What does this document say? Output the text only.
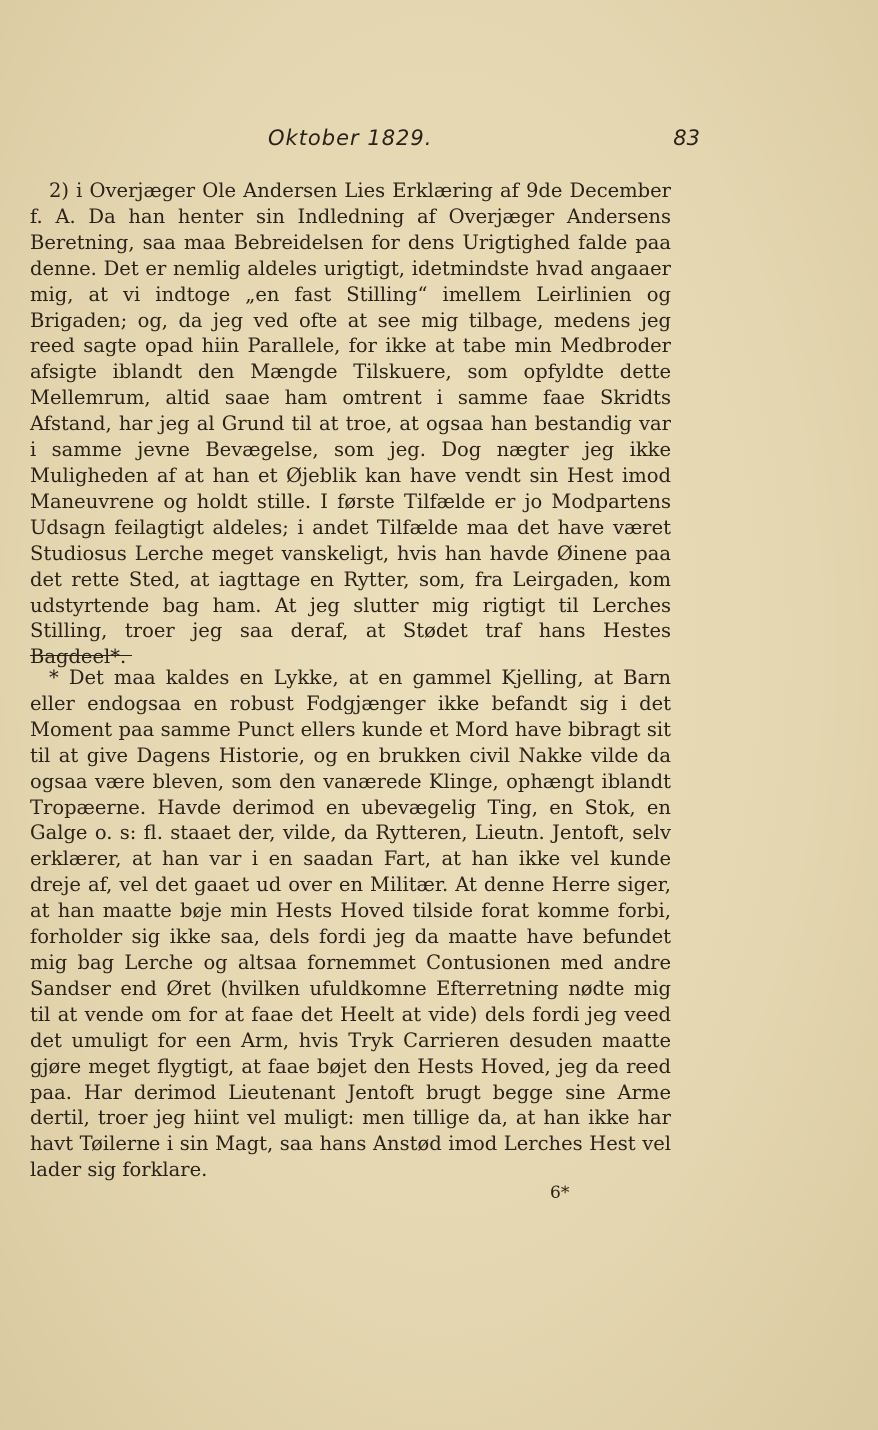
Oktober 1829.	83

2) i Overjæger Ole Andersen Lies Erklæring af 9de December f. A. Da han henter sin Indledning af Overjæger Andersens Beretning, saa maa Bebreidelsen for dens Urigtighed falde paa denne. Det er nemlig aldeles urigtigt, idetmindste hvad angaaer mig, at vi indtoge „en fast Stilling“ imellem Leirlinien og Brigaden; og, da jeg ved ofte at see mig tilbage, medens jeg reed sagte opad hiin Parallele, for ikke at tabe min Medbroder afsigte iblandt den Mængde Tilskuere, som opfyldte dette Mellemrum, altid saae ham omtrent i samme faae Skridts Afstand, har jeg al Grund til at troe, at ogsaa han bestandig var i samme jevne Bevægelse, som jeg. Dog nægter jeg ikke Muligheden af at han et Øjeblik kan have vendt sin Hest imod Maneuvrene og holdt stille. I første Tilfælde er jo Modpartens Udsagn feilagtigt aldeles; i andet Tilfælde maa det have været Studiosus Lerche meget vanskeligt, hvis han havde Øinene paa det rette Sted, at iagttage en Rytter, som, fra Leirgaden, kom udstyrtende bag ham. At jeg slutter mig rigtigt til Lerches Stilling, troer jeg saa deraf, at Stødet traf hans Hestes Bagdeel*.

* Det maa kaldes en Lykke, at en gammel Kjelling, at Barn eller endogsaa en robust Fodgjænger ikke befandt sig i det Moment paa samme Punct ellers kunde et Mord have bibragt sit til at give Dagens Historie, og en brukken civil Nakke vilde da ogsaa være bleven, som den vanærede Klinge, ophængt iblandt Tropæerne. Havde derimod en ubevægelig Ting, en Stok, en Galge o. s: fl. staaet der, vilde, da Rytteren, Lieutn. Jentoft, selv erklærer, at han var i en saadan Fart, at han ikke vel kunde dreje af, vel det gaaet ud over en Militær. At denne Herre siger, at han maatte bøje min Hests Hoved tilside forat komme forbi, forholder sig ikke saa, dels fordi jeg da maatte have befundet mig bag Lerche og altsaa fornemmet Contusionen med andre Sandser end Øret (hvilken ufuldkomne Efterretning nødte mig til at vende om for at faae det Heelt at vide) dels fordi jeg veed det umuligt for een Arm, hvis Tryk Carrieren desuden maatte gjøre meget flygtigt, at faae bøjet den Hests Hoved, jeg da reed paa. Har derimod Lieutenant Jentoft brugt begge sine Arme dertil, troer jeg hiint vel muligt: men tillige da, at han ikke har havt Tøilerne i sin Magt, saa hans Anstød imod Lerches Hest vel lader sig forklare.

6*
